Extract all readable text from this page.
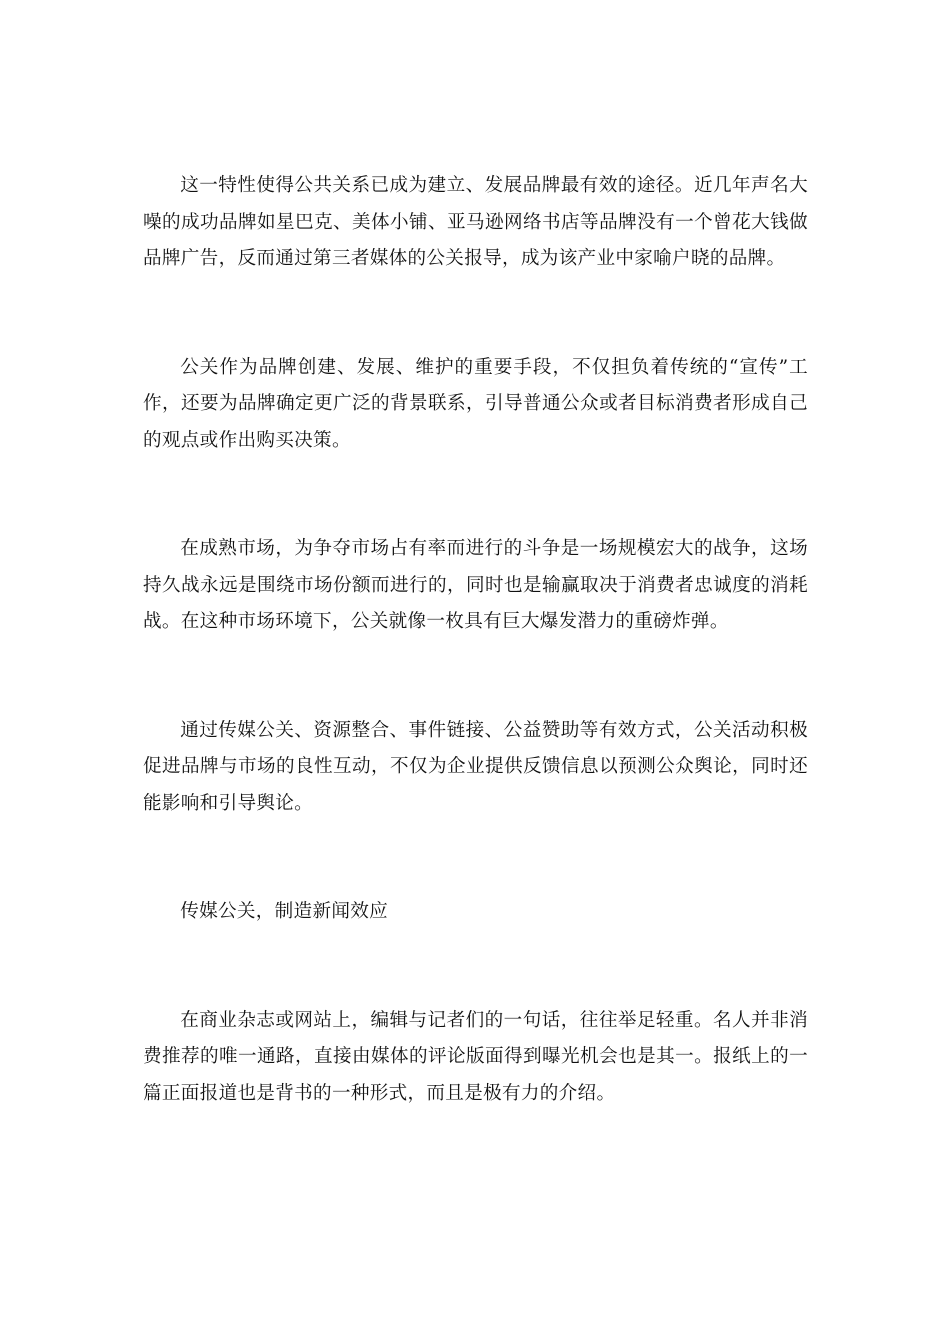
这一特性使得公共关系已成为建立、发展品牌最有效的途径。近几年声名大噪的成功品牌如星巴克、美体小铺、亚马逊网络书店等品牌没有一个曾花大钱做品牌广告，反而通过第三者媒体的公关报导，成为该产业中家喻户晓的品牌。

公关作为品牌创建、发展、维护的重要手段，不仅担负着传统的“宣传”工作，还要为品牌确定更广泛的背景联系，引导普通公众或者目标消费者形成自己的观点或作出购买决策。

在成熟市场，为争夺市场占有率而进行的斗争是一场规模宏大的战争，这场持久战永远是围绕市场份额而进行的，同时也是输赢取决于消费者忠诚度的消耗战。在这种市场环境下，公关就像一枚具有巨大爆发潜力的重磅炸弹。

通过传媒公关、资源整合、事件链接、公益赞助等有效方式，公关活动积极促进品牌与市场的良性互动，不仅为企业提供反馈信息以预测公众舆论，同时还能影响和引导舆论。

传媒公关，制造新闻效应

在商业杂志或网站上，编辑与记者们的一句话，往往举足轻重。名人并非消费推荐的唯一通路，直接由媒体的评论版面得到曝光机会也是其一。报纸上的一篇正面报道也是背书的一种形式，而且是极有力的介绍。
